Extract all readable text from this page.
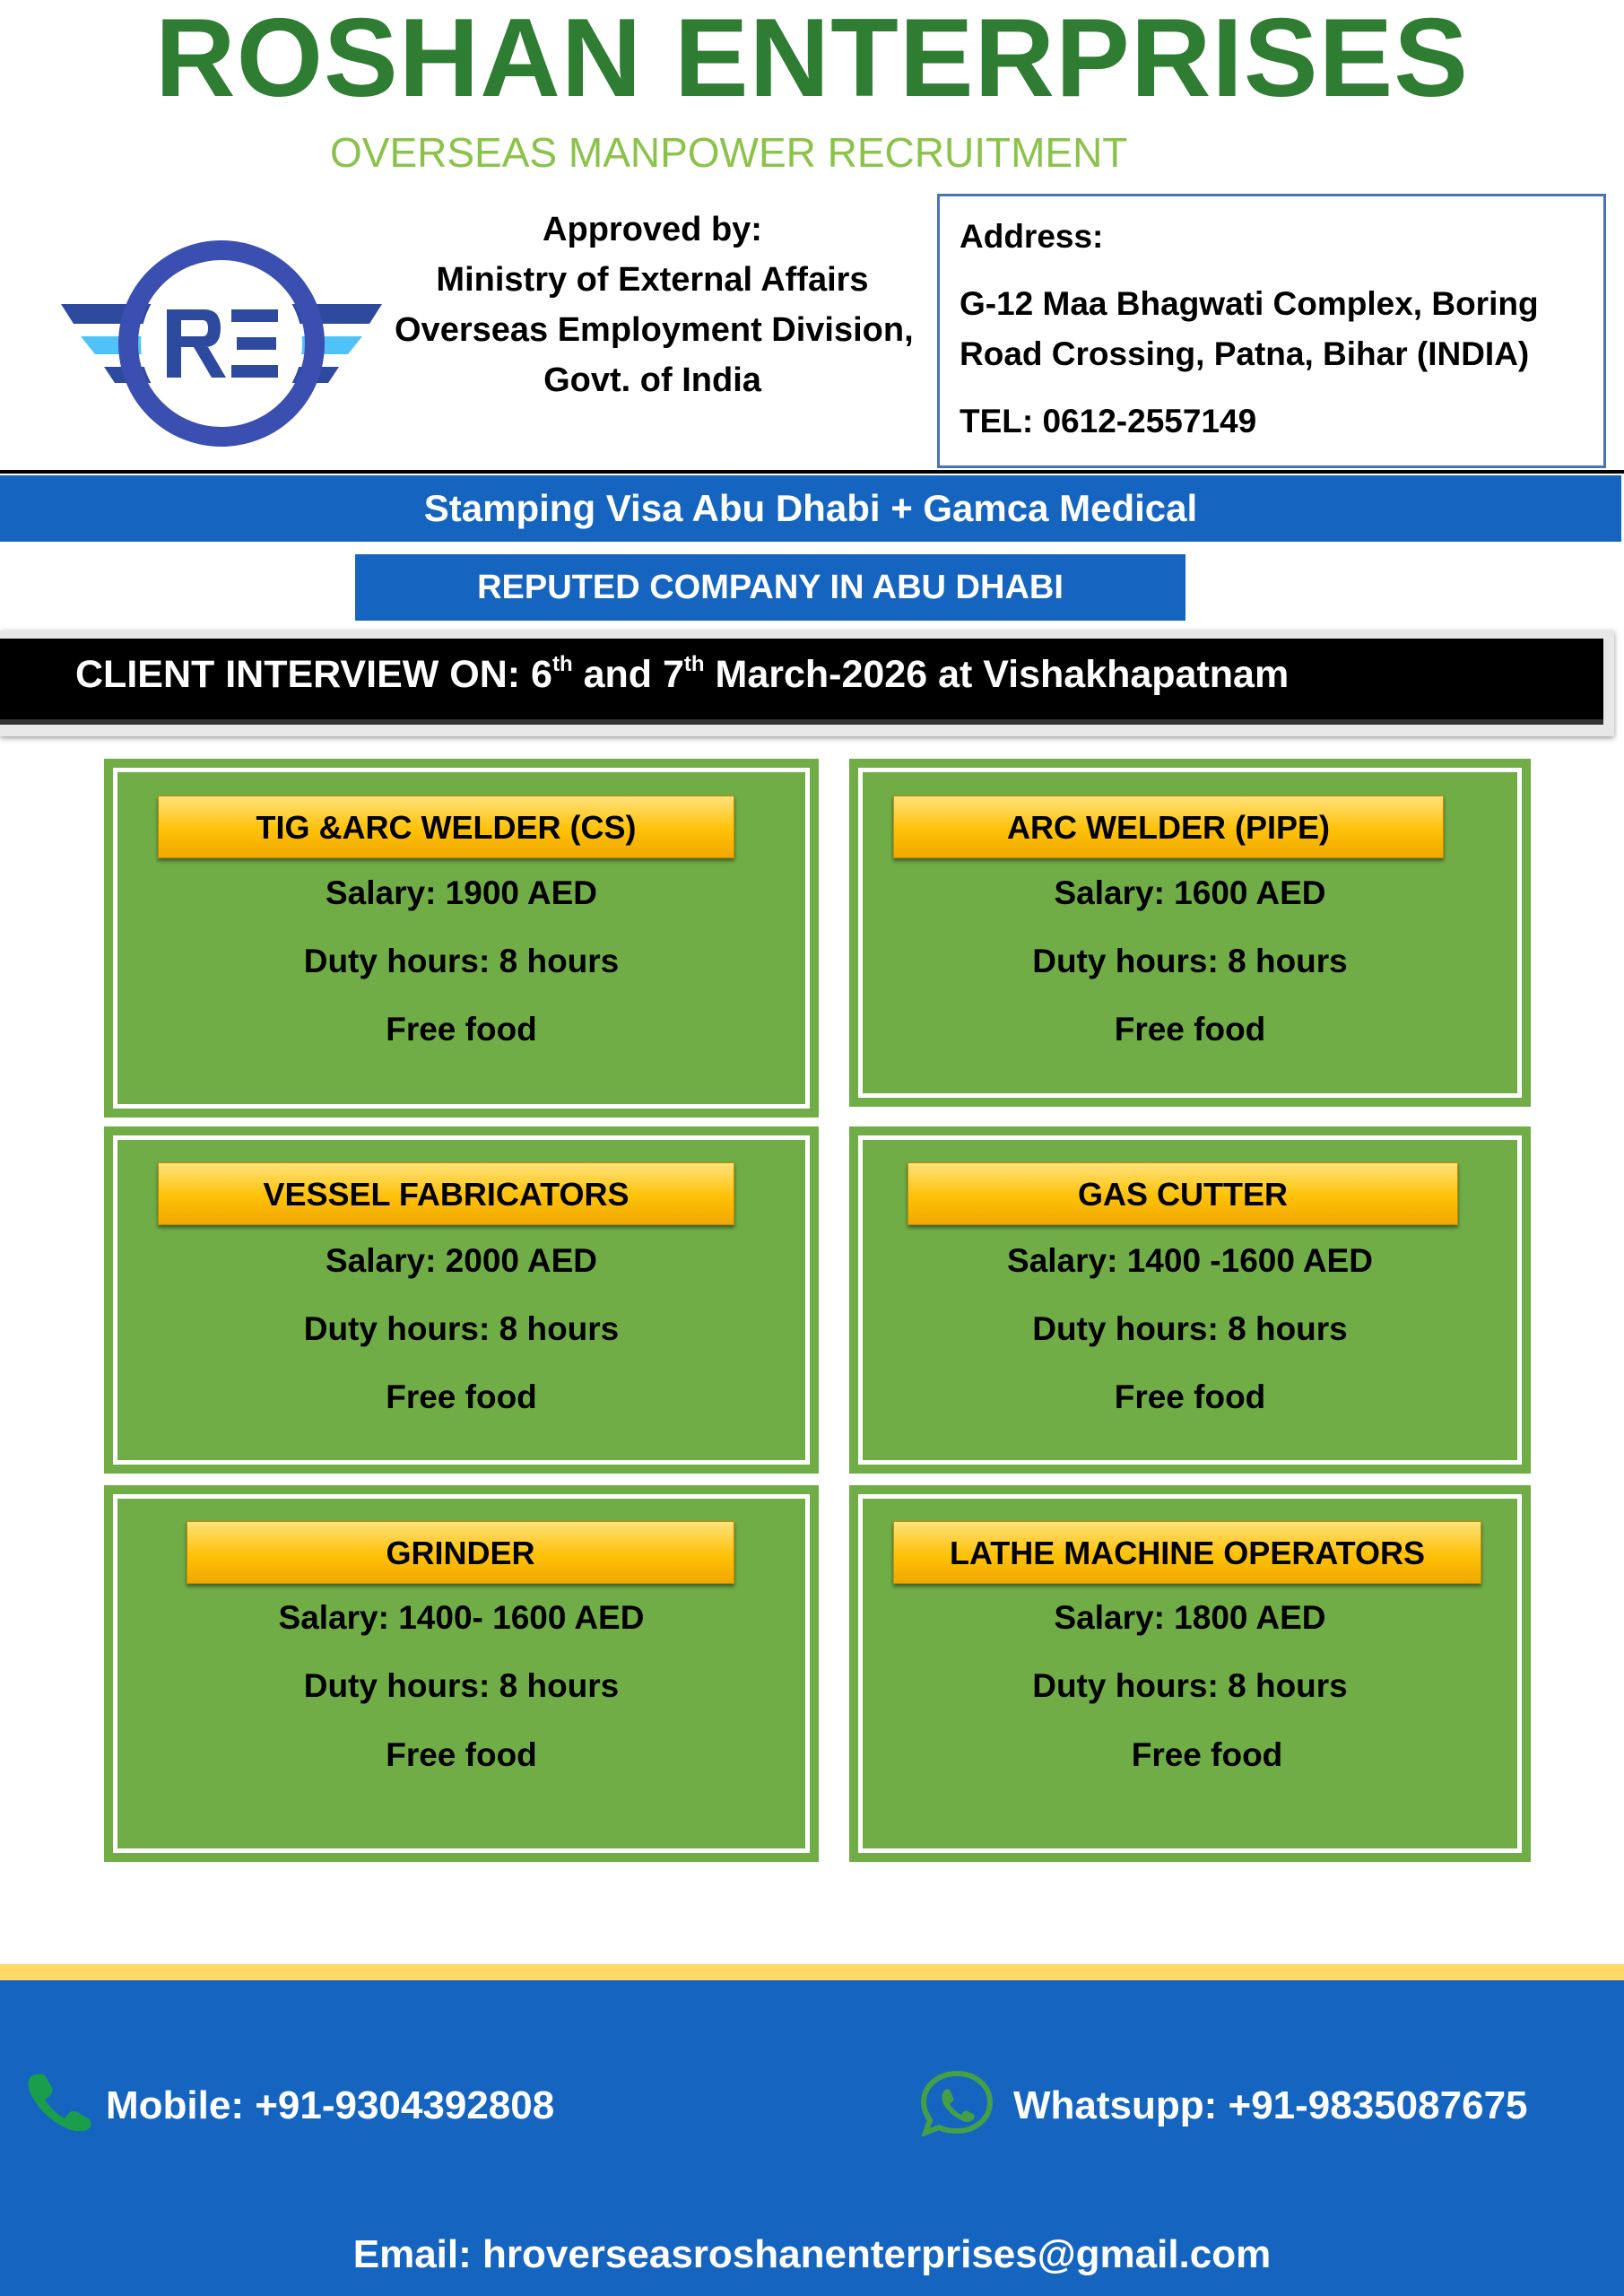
ROSHAN ENTERPRISES
OVERSEAS MANPOWER RECRUITMENT
Approved by:
Ministry of External Affairs
Overseas Employment Division,
Govt. of India
Address:
G-12 Maa Bhagwati Complex, Boring
Road Crossing, Patna, Bihar (INDIA)
TEL: 0612-2557149
Stamping Visa Abu Dhabi + Gamca Medical
REPUTED COMPANY IN ABU DHABI
CLIENT INTERVIEW ON: 6th and 7th March-2026 at Vishakhapatnam
TIG &ARC WELDER (CS)
Salary: 1900 AED
Duty hours: 8 hours
Free food
ARC WELDER (PIPE)
Salary: 1600 AED
Duty hours: 8 hours
Free food
VESSEL FABRICATORS
Salary: 2000 AED
Duty hours: 8 hours
Free food
GAS CUTTER
Salary: 1400 -1600 AED
Duty hours: 8 hours
Free food
GRINDER
Salary: 1400- 1600 AED
Duty hours: 8 hours
Free food
LATHE MACHINE OPERATORS
Salary: 1800 AED
Duty hours: 8 hours
Free food
Mobile: +91-9304392808	Whatsupp: +91-9835087675
Email: hroverseasroshanenterprises@gmail.com
